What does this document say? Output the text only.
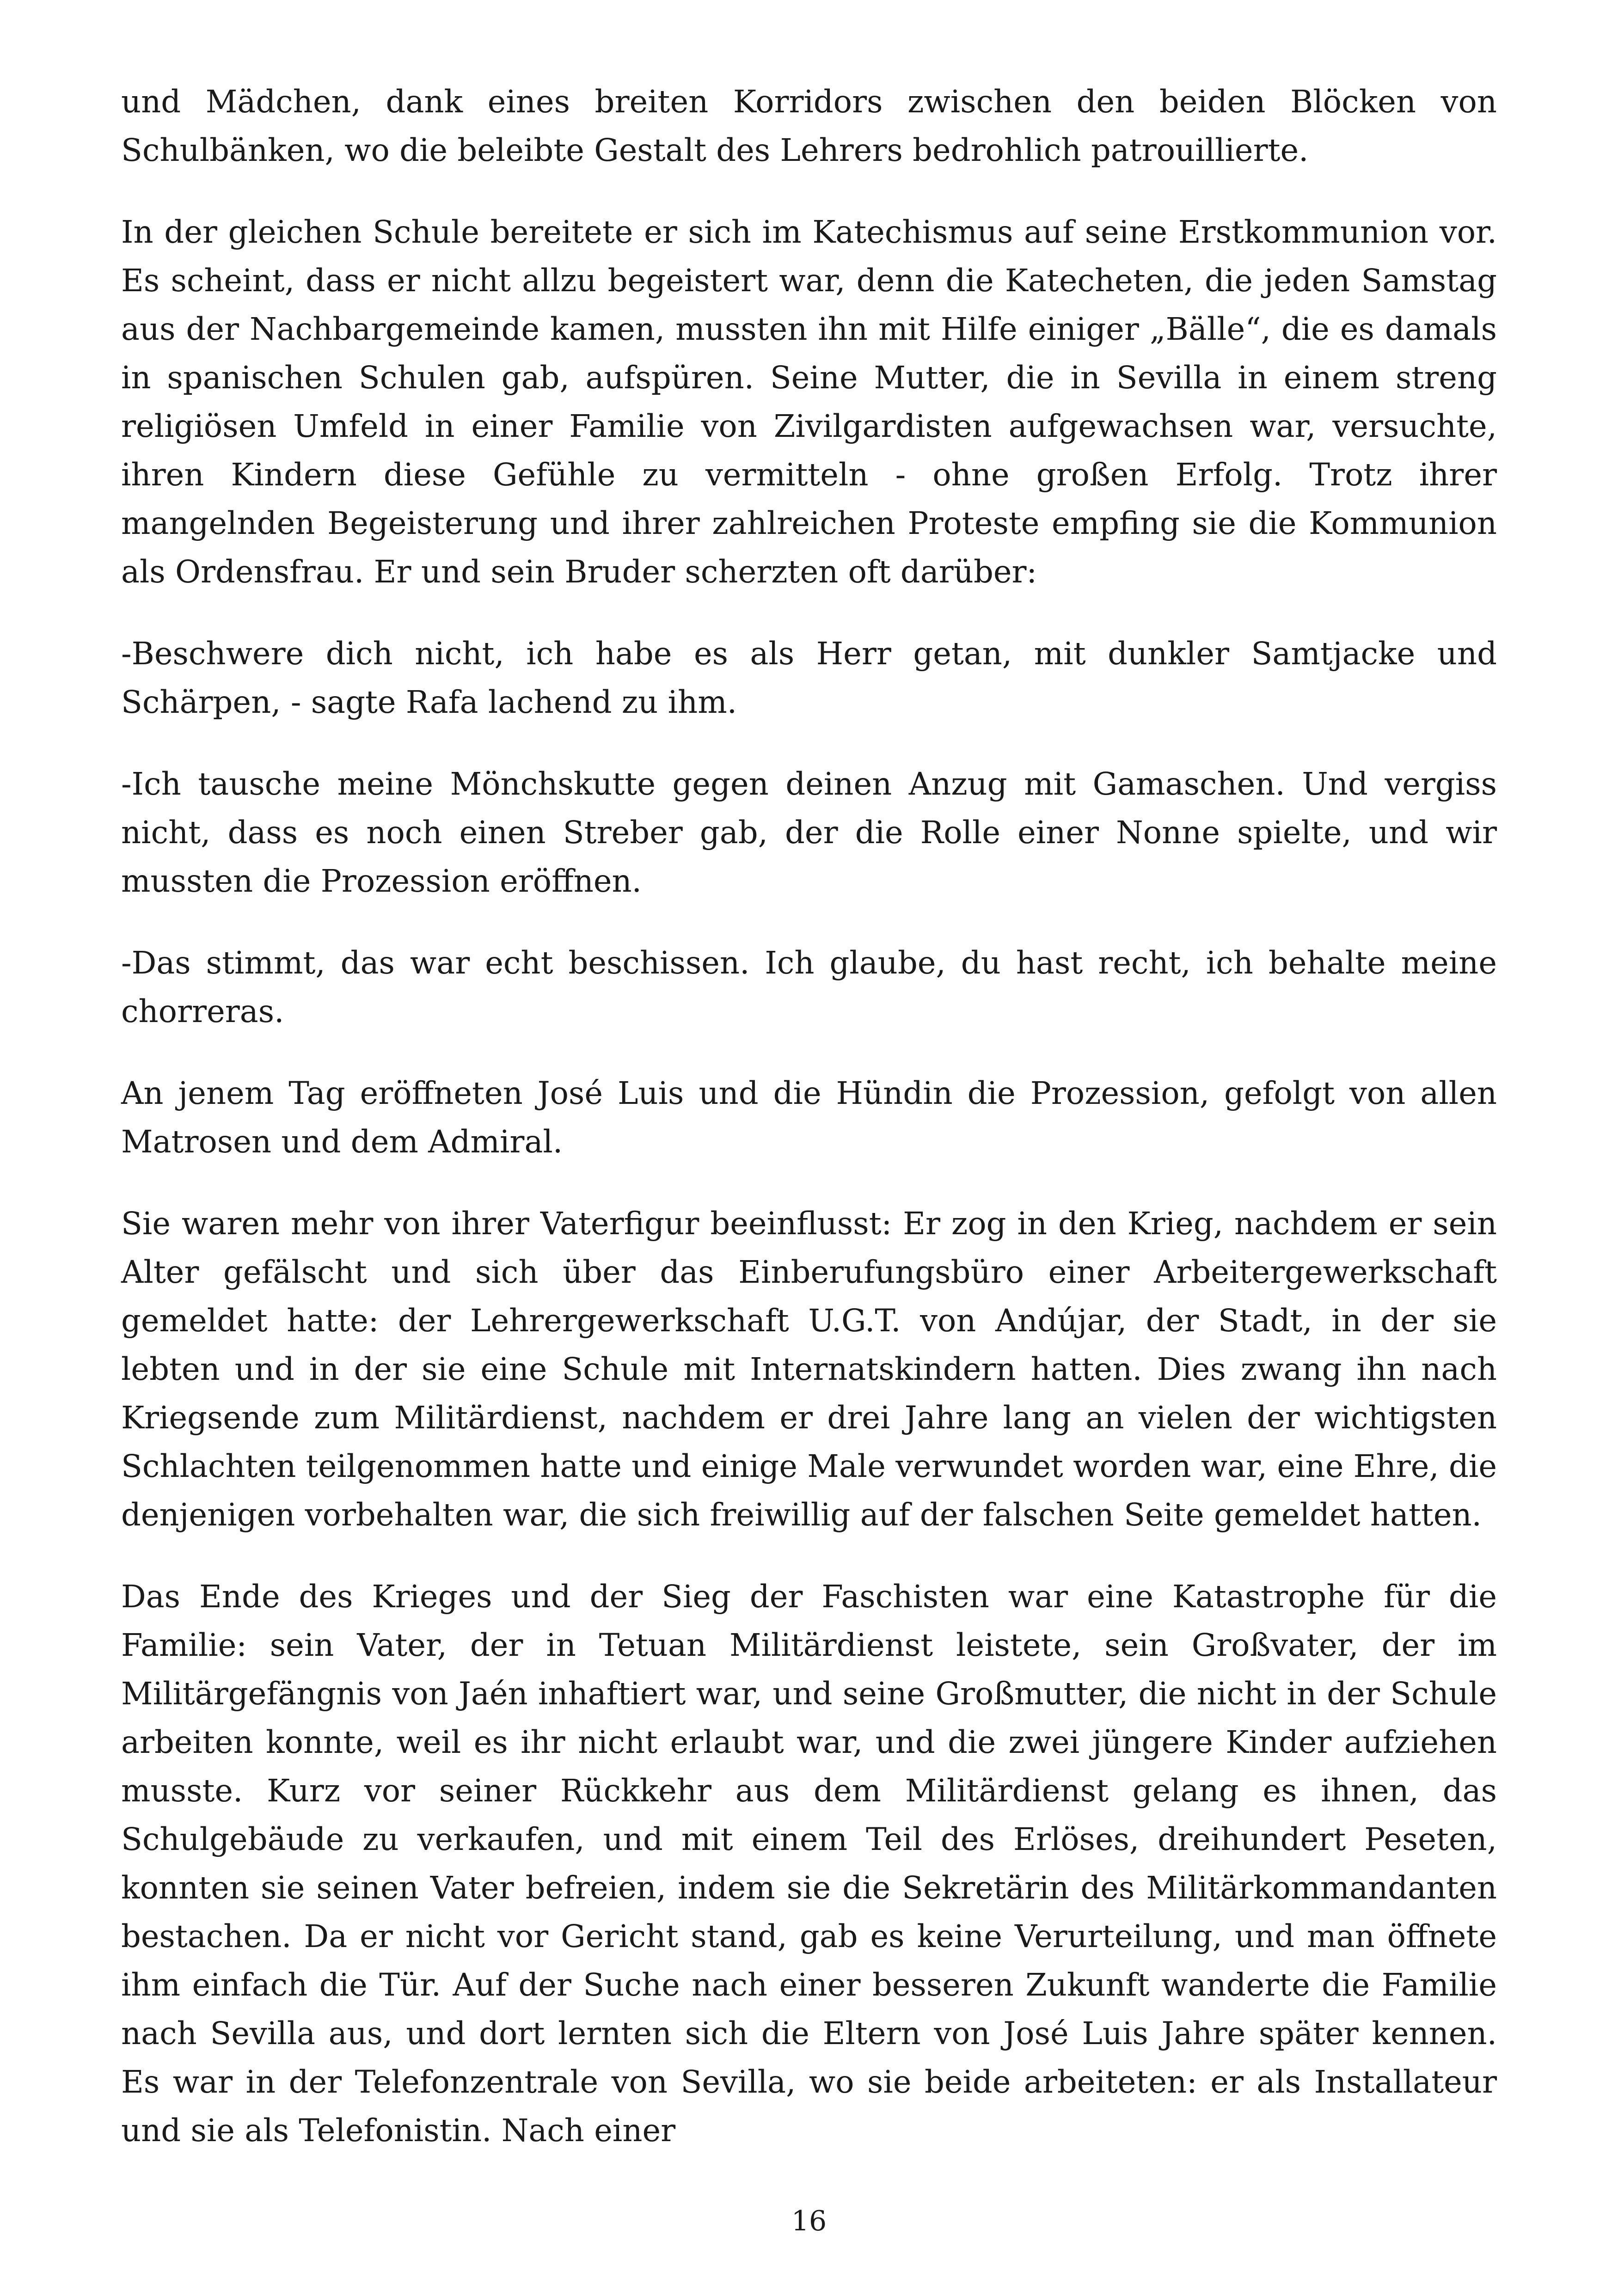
und Mädchen, dank eines breiten Korridors zwischen den beiden Blöcken von Schulbänken, wo die beleibte Gestalt des Lehrers bedrohlich patrouillierte.

In der gleichen Schule bereitete er sich im Katechismus auf seine Erstkommunion vor. Es scheint, dass er nicht allzu begeistert war, denn die Katecheten, die jeden Samstag aus der Nachbargemeinde kamen, mussten ihn mit Hilfe einiger „Bälle“, die es damals in spanischen Schulen gab, aufspüren. Seine Mutter, die in Sevilla in einem streng religiösen Umfeld in einer Familie von Zivilgardisten aufgewachsen war, versuchte, ihren Kindern diese Gefühle zu vermitteln - ohne großen Erfolg. Trotz ihrer mangelnden Begeisterung und ihrer zahlreichen Proteste empfing sie die Kommunion als Ordensfrau. Er und sein Bruder scherzten oft darüber:

-Beschwere dich nicht, ich habe es als Herr getan, mit dunkler Samtjacke und Schärpen, - sagte Rafa lachend zu ihm.

-Ich tausche meine Mönchskutte gegen deinen Anzug mit Gamaschen. Und vergiss nicht, dass es noch einen Streber gab, der die Rolle einer Nonne spielte, und wir mussten die Prozession eröffnen.

-Das stimmt, das war echt beschissen. Ich glaube, du hast recht, ich behalte meine chorreras.

An jenem Tag eröffneten José Luis und die Hündin die Prozession, gefolgt von allen Matrosen und dem Admiral.

Sie waren mehr von ihrer Vaterfigur beeinflusst: Er zog in den Krieg, nachdem er sein Alter gefälscht und sich über das Einberufungsbüro einer Arbeitergewerkschaft gemeldet hatte: der Lehrergewerkschaft U.G.T. von Andújar, der Stadt, in der sie lebten und in der sie eine Schule mit Internatskindern hatten. Dies zwang ihn nach Kriegsende zum Militärdienst, nachdem er drei Jahre lang an vielen der wichtigsten Schlachten teilgenommen hatte und einige Male verwundet worden war, eine Ehre, die denjenigen vorbehalten war, die sich freiwillig auf der falschen Seite gemeldet hatten.

Das Ende des Krieges und der Sieg der Faschisten war eine Katastrophe für die Familie: sein Vater, der in Tetuan Militärdienst leistete, sein Großvater, der im Militärgefängnis von Jaén inhaftiert war, und seine Großmutter, die nicht in der Schule arbeiten konnte, weil es ihr nicht erlaubt war, und die zwei jüngere Kinder aufziehen musste. Kurz vor seiner Rückkehr aus dem Militärdienst gelang es ihnen, das Schulgebäude zu verkaufen, und mit einem Teil des Erlöses, dreihundert Peseten, konnten sie seinen Vater befreien, indem sie die Sekretärin des Militärkommandanten bestachen. Da er nicht vor Gericht stand, gab es keine Verurteilung, und man öffnete ihm einfach die Tür. Auf der Suche nach einer besseren Zukunft wanderte die Familie nach Sevilla aus, und dort lernten sich die Eltern von José Luis Jahre später kennen. Es war in der Telefonzentrale von Sevilla, wo sie beide arbeiteten: er als Installateur und sie als Telefonistin. Nach einer

16
